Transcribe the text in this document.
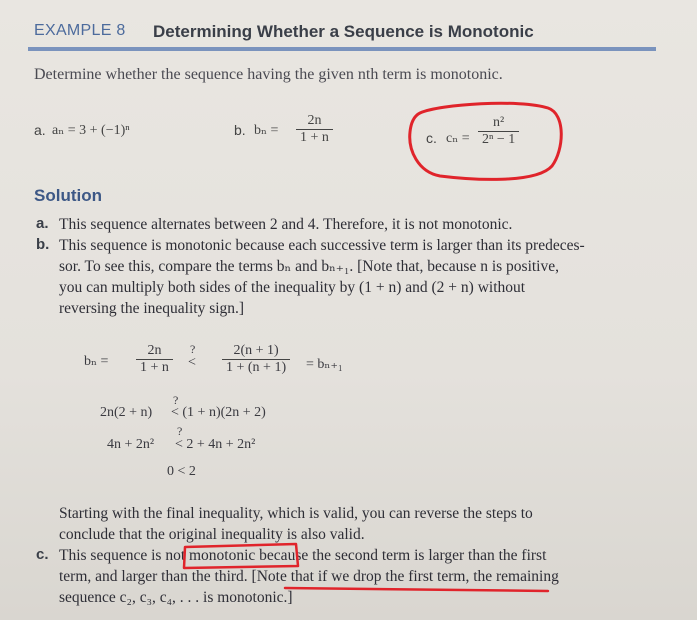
EXAMPLE 8 Determining Whether a Sequence is Monotonic
Determine whether the sequence having the given nth term is monotonic.
a. aₙ = 3 + (−1)ⁿ	b. $b_n = \frac{2n}{1 + n}$	c. $c_n = \frac{\text{n²}}{\text{2ⁿ − 1}}$
Solution
a. This sequence alternates between 2 and 4. Therefore, it is not monotonic.
b. This sequence is monotonic because each successive term is larger than its predeces-
sor. To see this, compare the terms bₙ and bₙ₊₁. [Note that, because n is positive,
you can multiply both sides of the inequality by (1 + n) and (2 + n) without
reversing the inequality sign.]
$b_n = \frac{2n}{1 + n}$ ?
< $\frac{2(n + 1)}{1 + (n + 1)} = b_{n+1}$
2n(2 + n)
?
< (1 + n)(2n + 2)
4n + 2n²
?
< 2 + 4n + 2n²
0 < 2
Starting with the final inequality, which is valid, you can reverse the steps to
conclude that the original inequality is also valid.
c. This sequence is not monotonic because the second term is larger than the first
term, and larger than the third. [Note that if we drop the first term, the remaining
sequence c₂, c₃, c₄, . . . is monotonic.]
